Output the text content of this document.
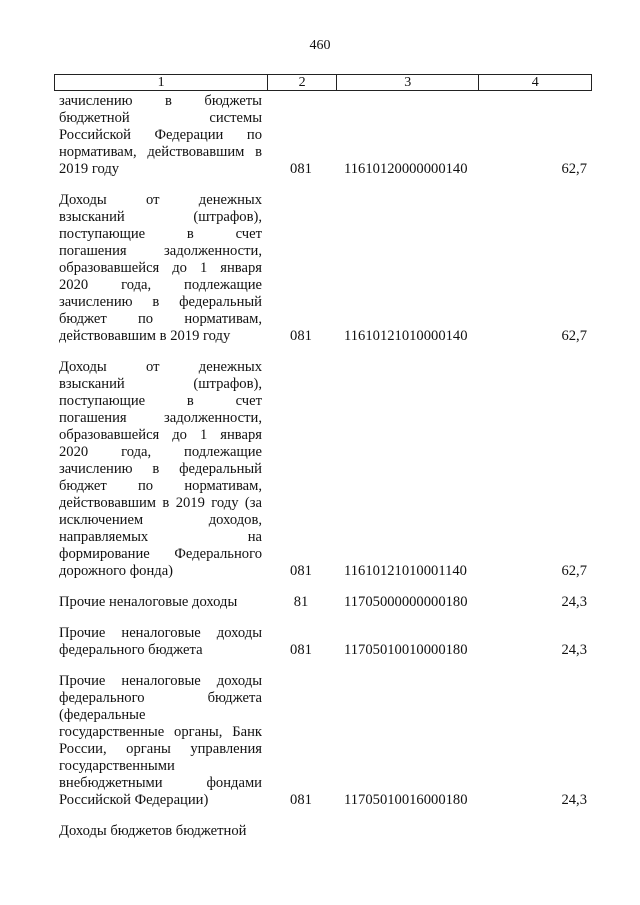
460
1	2	3	4
зачислению в бюджеты
бюджетной системы
Российской Федерации по
нормативам, действовавшим в
2019 году	081 11610120000000140	62,7
Доходы от денежных
взысканий (штрафов),
поступающие в счет
погашения задолженности,
образовавшейся до 1 января
2020 года, подлежащие
зачислению в федеральный
бюджет по нормативам,
действовавшим в 2019 году	081 11610121010000140	62,7
Доходы от денежных
взысканий (штрафов),
поступающие в счет
погашения задолженности,
образовавшейся до 1 января
2020 года, подлежащие
зачислению в федеральный
бюджет по нормативам,
действовавшим в 2019 году (за
исключением доходов,
направляемых на
формирование Федерального
дорожного фонда)	081 11610121010001140	62,7
Прочие неналоговые доходы	81	11705000000000180	24,3
Прочие неналоговые доходы
федерального бюджета	081 11705010010000180	24,3
Прочие неналоговые доходы
федерального бюджета
(федеральные
государственные органы, Банк
России, органы управления
государственными
внебюджетными фондами
Российской Федерации)	081 11705010016000180	24,3
Доходы бюджетов бюджетной
